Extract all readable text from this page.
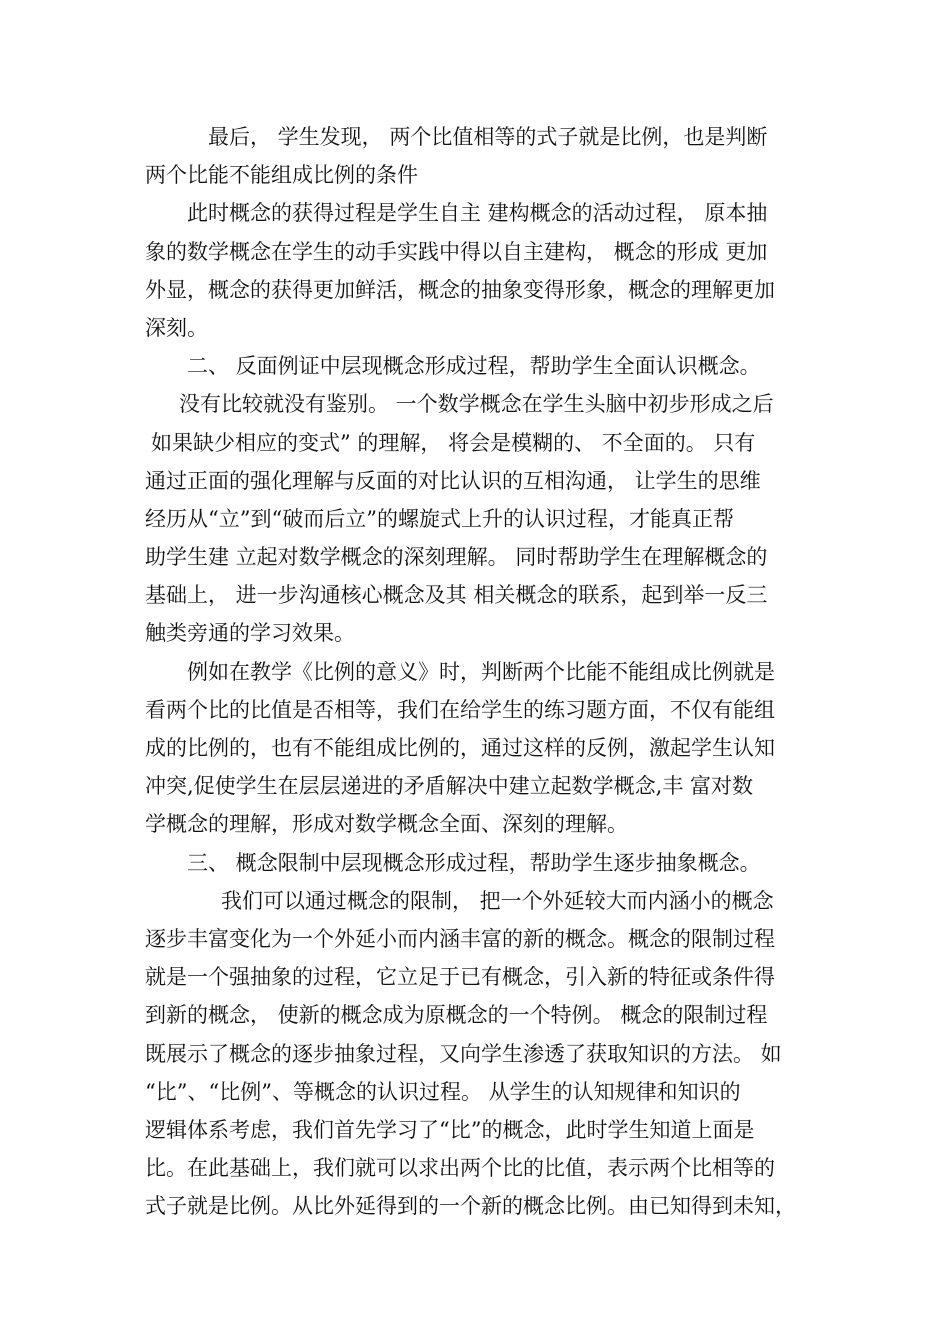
最后， 学生发现， 两个比值相等的式子就是比例，也是判断
两个比能不能组成比例的条件
此时概念的获得过程是学生自主 建构概念的活动过程， 原本抽
象的数学概念在学生的动手实践中得以自主建构， 概念的形成 更加
外显，概念的获得更加鲜活，概念的抽象变得形象，概念的理解更加
深刻。
二、 反面例证中层现概念形成过程，帮助学生全面认识概念。
没有比较就没有鉴别。 一个数学概念在学生头脑中初步形成之后
如果缺少相应的变式” 的理解， 将会是模糊的、 不全面的。 只有
通过正面的强化理解与反面的对比认识的互相沟通， 让学生的思维
经历从“立”到“破而后立”的螺旋式上升的认识过程，才能真正帮
助学生建 立起对数学概念的深刻理解。 同时帮助学生在理解概念的
基础上， 进一步沟通核心概念及其 相关概念的联系，起到举一反三
触类旁通的学习效果。
例如在教学《比例的意义》时，判断两个比能不能组成比例就是
看两个比的比值是否相等，我们在给学生的练习题方面，不仅有能组
成的比例的，也有不能组成比例的，通过这样的反例，激起学生认知
冲突,促使学生在层层递进的矛盾解决中建立起数学概念,丰 富对数
学概念的理解，形成对数学概念全面、深刻的理解。
三、 概念限制中层现概念形成过程，帮助学生逐步抽象概念。
我们可以通过概念的限制， 把一个外延较大而内涵小的概念
逐步丰富变化为一个外延小而内涵丰富的新的概念。概念的限制过程
就是一个强抽象的过程，它立足于已有概念，引入新的特征或条件得
到新的概念， 使新的概念成为原概念的一个特例。 概念的限制过程
既展示了概念的逐步抽象过程，又向学生渗透了获取知识的方法。 如
“比”、“比例”、等概念的认识过程。 从学生的认知规律和知识的
逻辑体系考虑，我们首先学习了“比”的概念，此时学生知道上面是
比。在此基础上，我们就可以求出两个比的比值，表示两个比相等的
式子就是比例。从比外延得到的一个新的概念比例。由已知得到未知，
